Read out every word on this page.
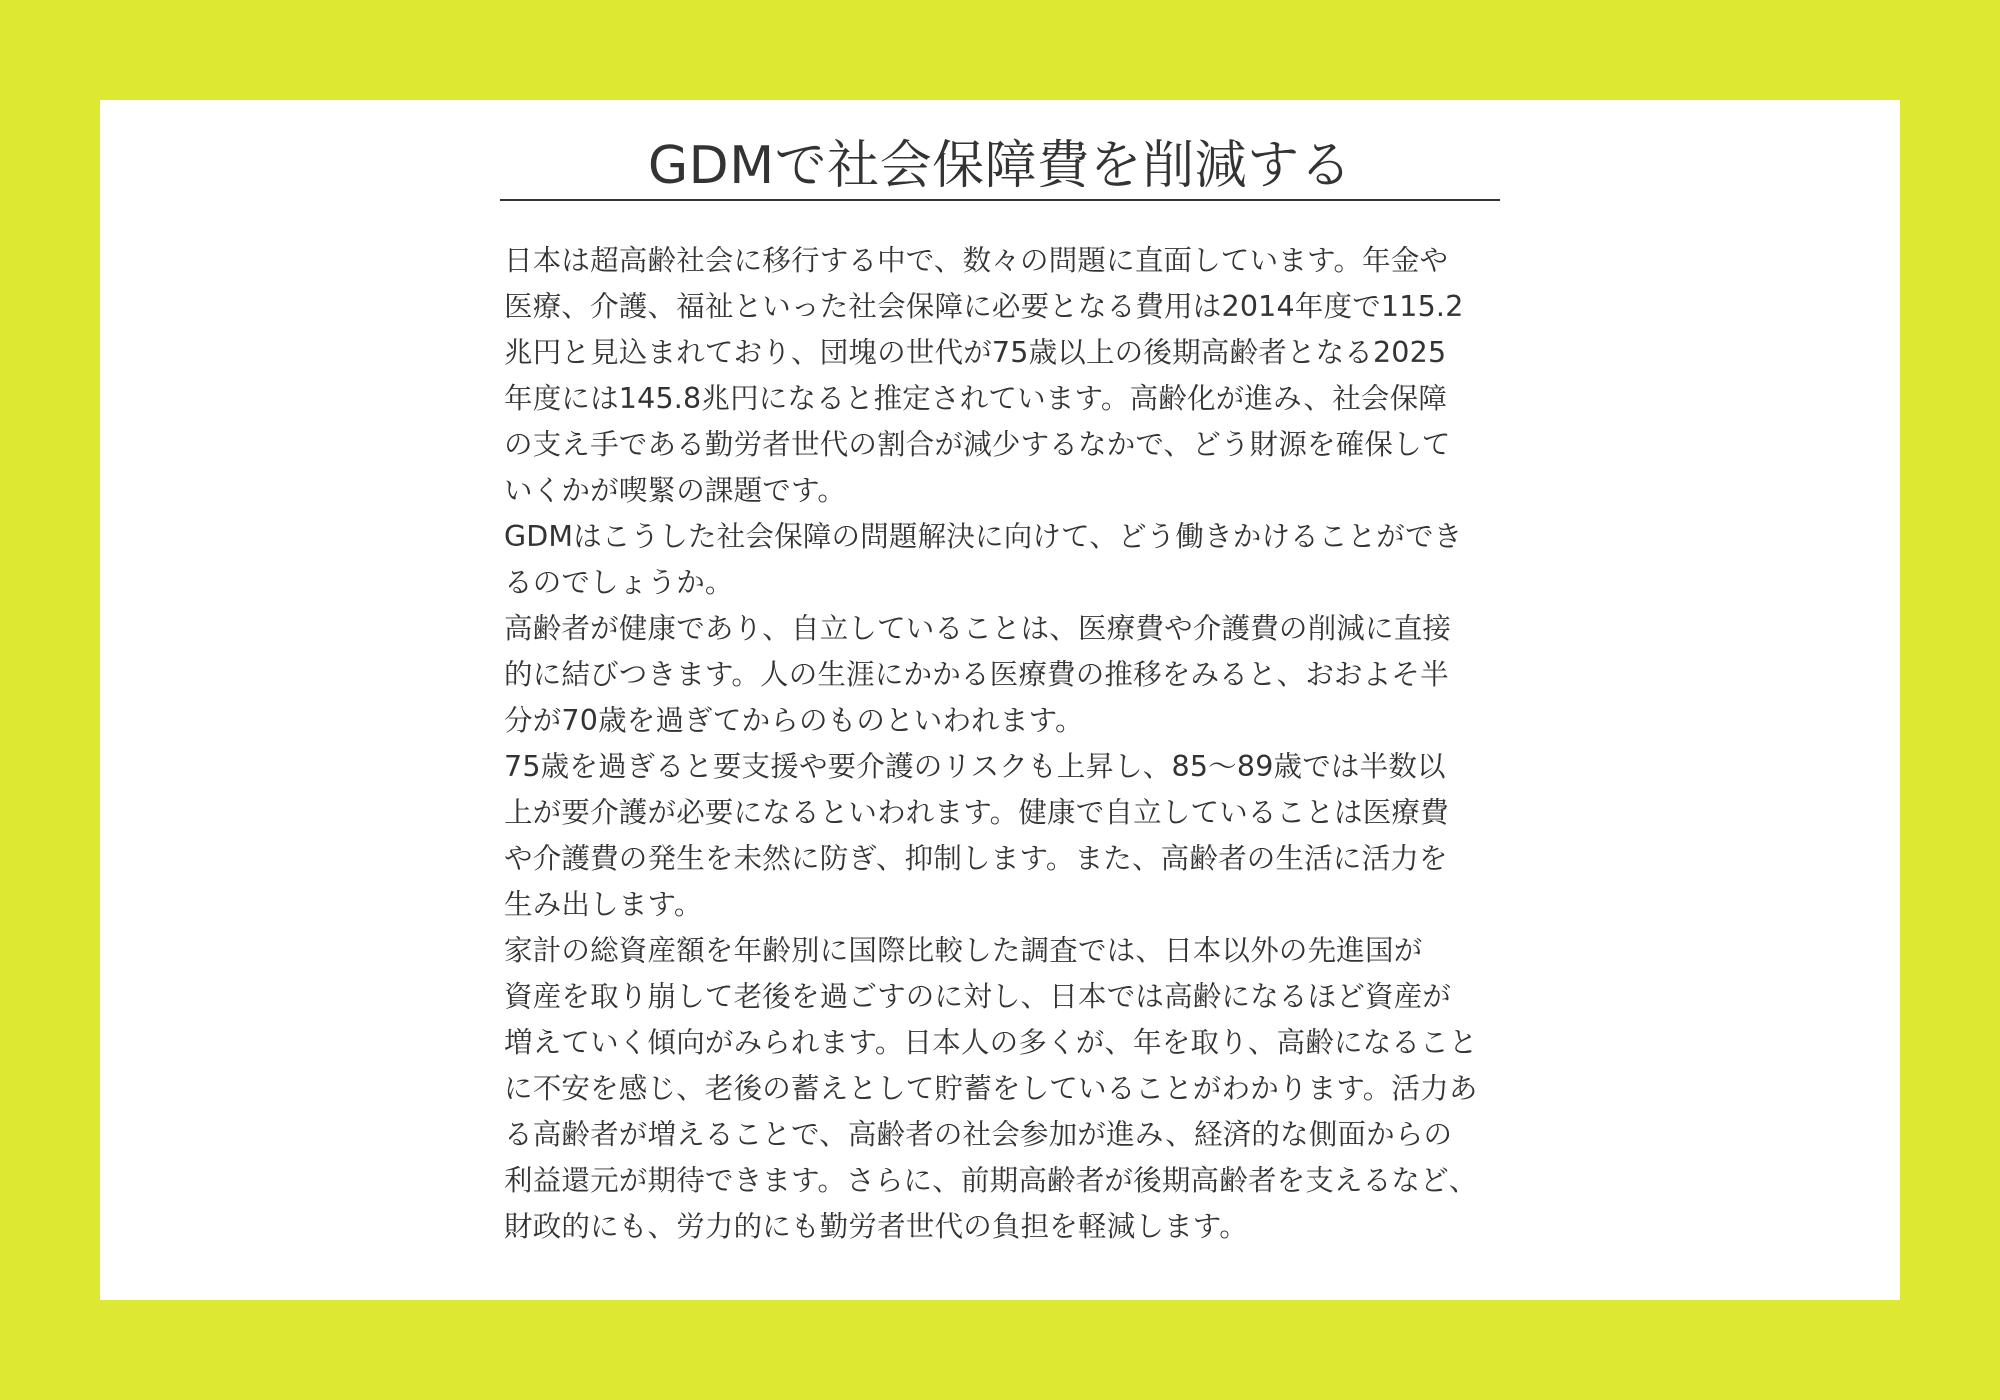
GDMで社会保障費を削減する

日本は超高齢社会に移行する中で、数々の問題に直面しています。年金や
医療、介護、福祉といった社会保障に必要となる費用は2014年度で115.2
兆円と見込まれており、団塊の世代が75歳以上の後期高齢者となる2025
年度には145.8兆円になると推定されています。高齢化が進み、社会保障
の支え手である勤労者世代の割合が減少するなかで、どう財源を確保して
いくかが喫緊の課題です。

GDMはこうした社会保障の問題解決に向けて、どう働きかけることができ
るのでしょうか。

高齢者が健康であり、自立していることは、医療費や介護費の削減に直接
的に結びつきます。人の生涯にかかる医療費の推移をみると、おおよそ半
分が70歳を過ぎてからのものといわれます。

75歳を過ぎると要支援や要介護のリスクも上昇し、85～89歳では半数以
上が要介護が必要になるといわれます。健康で自立していることは医療費
や介護費の発生を未然に防ぎ、抑制します。また、高齢者の生活に活力を
生み出します。

家計の総資産額を年齢別に国際比較した調査では、日本以外の先進国が
資産を取り崩して老後を過ごすのに対し、日本では高齢になるほど資産が
増えていく傾向がみられます。日本人の多くが、年を取り、高齢になること
に不安を感じ、老後の蓄えとして貯蓄をしていることがわかります。活力あ
る高齢者が増えることで、高齢者の社会参加が進み、経済的な側面からの
利益還元が期待できます。さらに、前期高齢者が後期高齢者を支えるなど、
財政的にも、労力的にも勤労者世代の負担を軽減します。
